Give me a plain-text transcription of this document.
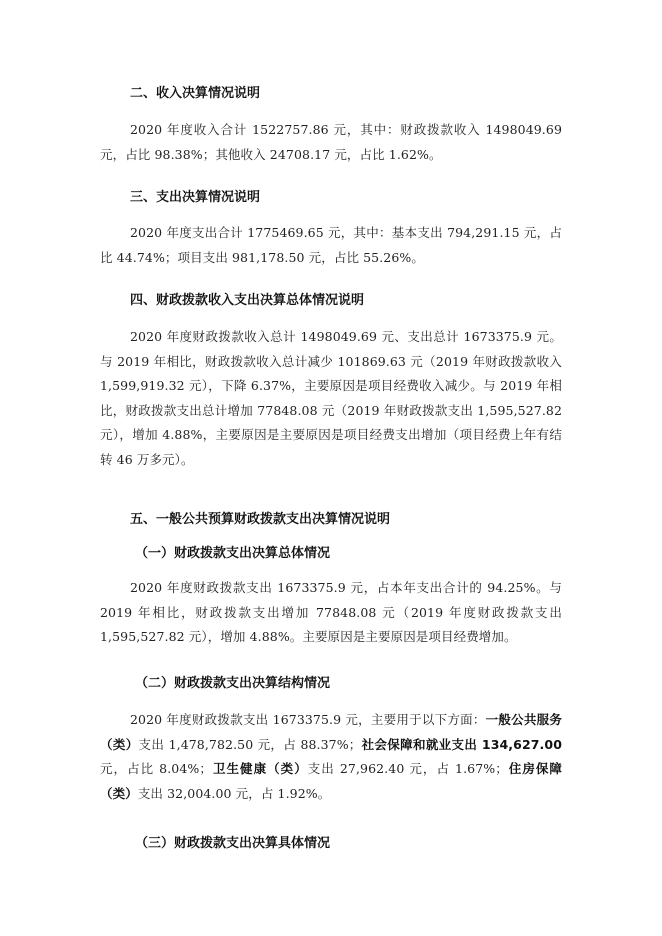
二、收入决算情况说明

2020 年度收入合计 1522757.86 元，其中：财政拨款收入 1498049.69 元，占比 98.38%；其他收入 24708.17 元，占比 1.62%。

三、支出决算情况说明

2020 年度支出合计 1775469.65 元，其中：基本支出 794,291.15 元，占比 44.74%；项目支出 981,178.50 元，占比 55.26%。

四、财政拨款收入支出决算总体情况说明

2020 年度财政拨款收入总计 1498049.69 元、支出总计 1673375.9 元。与 2019 年相比，财政拨款收入总计减少 101869.63 元（2019 年财政拨款收入 1,599,919.32 元），下降 6.37%，主要原因是项目经费收入减少。与 2019 年相比，财政拨款支出总计增加 77848.08 元（2019 年财政拨款支出 1,595,527.82 元），增加 4.88%，主要原因是主要原因是项目经费支出增加（项目经费上年有结转 46 万多元）。

五、一般公共预算财政拨款支出决算情况说明
（一）财政拨款支出决算总体情况

2020 年度财政拨款支出 1673375.9 元，占本年支出合计的 94.25%。与 2019 年相比，财政拨款支出增加 77848.08 元（2019 年度财政拨款支出 1,595,527.82 元），增加 4.88%。主要原因是主要原因是项目经费增加。

（二）财政拨款支出决算结构情况

2020 年度财政拨款支出 1673375.9 元，主要用于以下方面：一般公共服务（类）支出 1,478,782.50 元，占 88.37%；社会保障和就业支出 134,627.00元，占比 8.04%；卫生健康（类）支出 27,962.40 元，占 1.67%；住房保障（类）支出 32,004.00 元，占 1.92%。

（三）财政拨款支出决算具体情况
